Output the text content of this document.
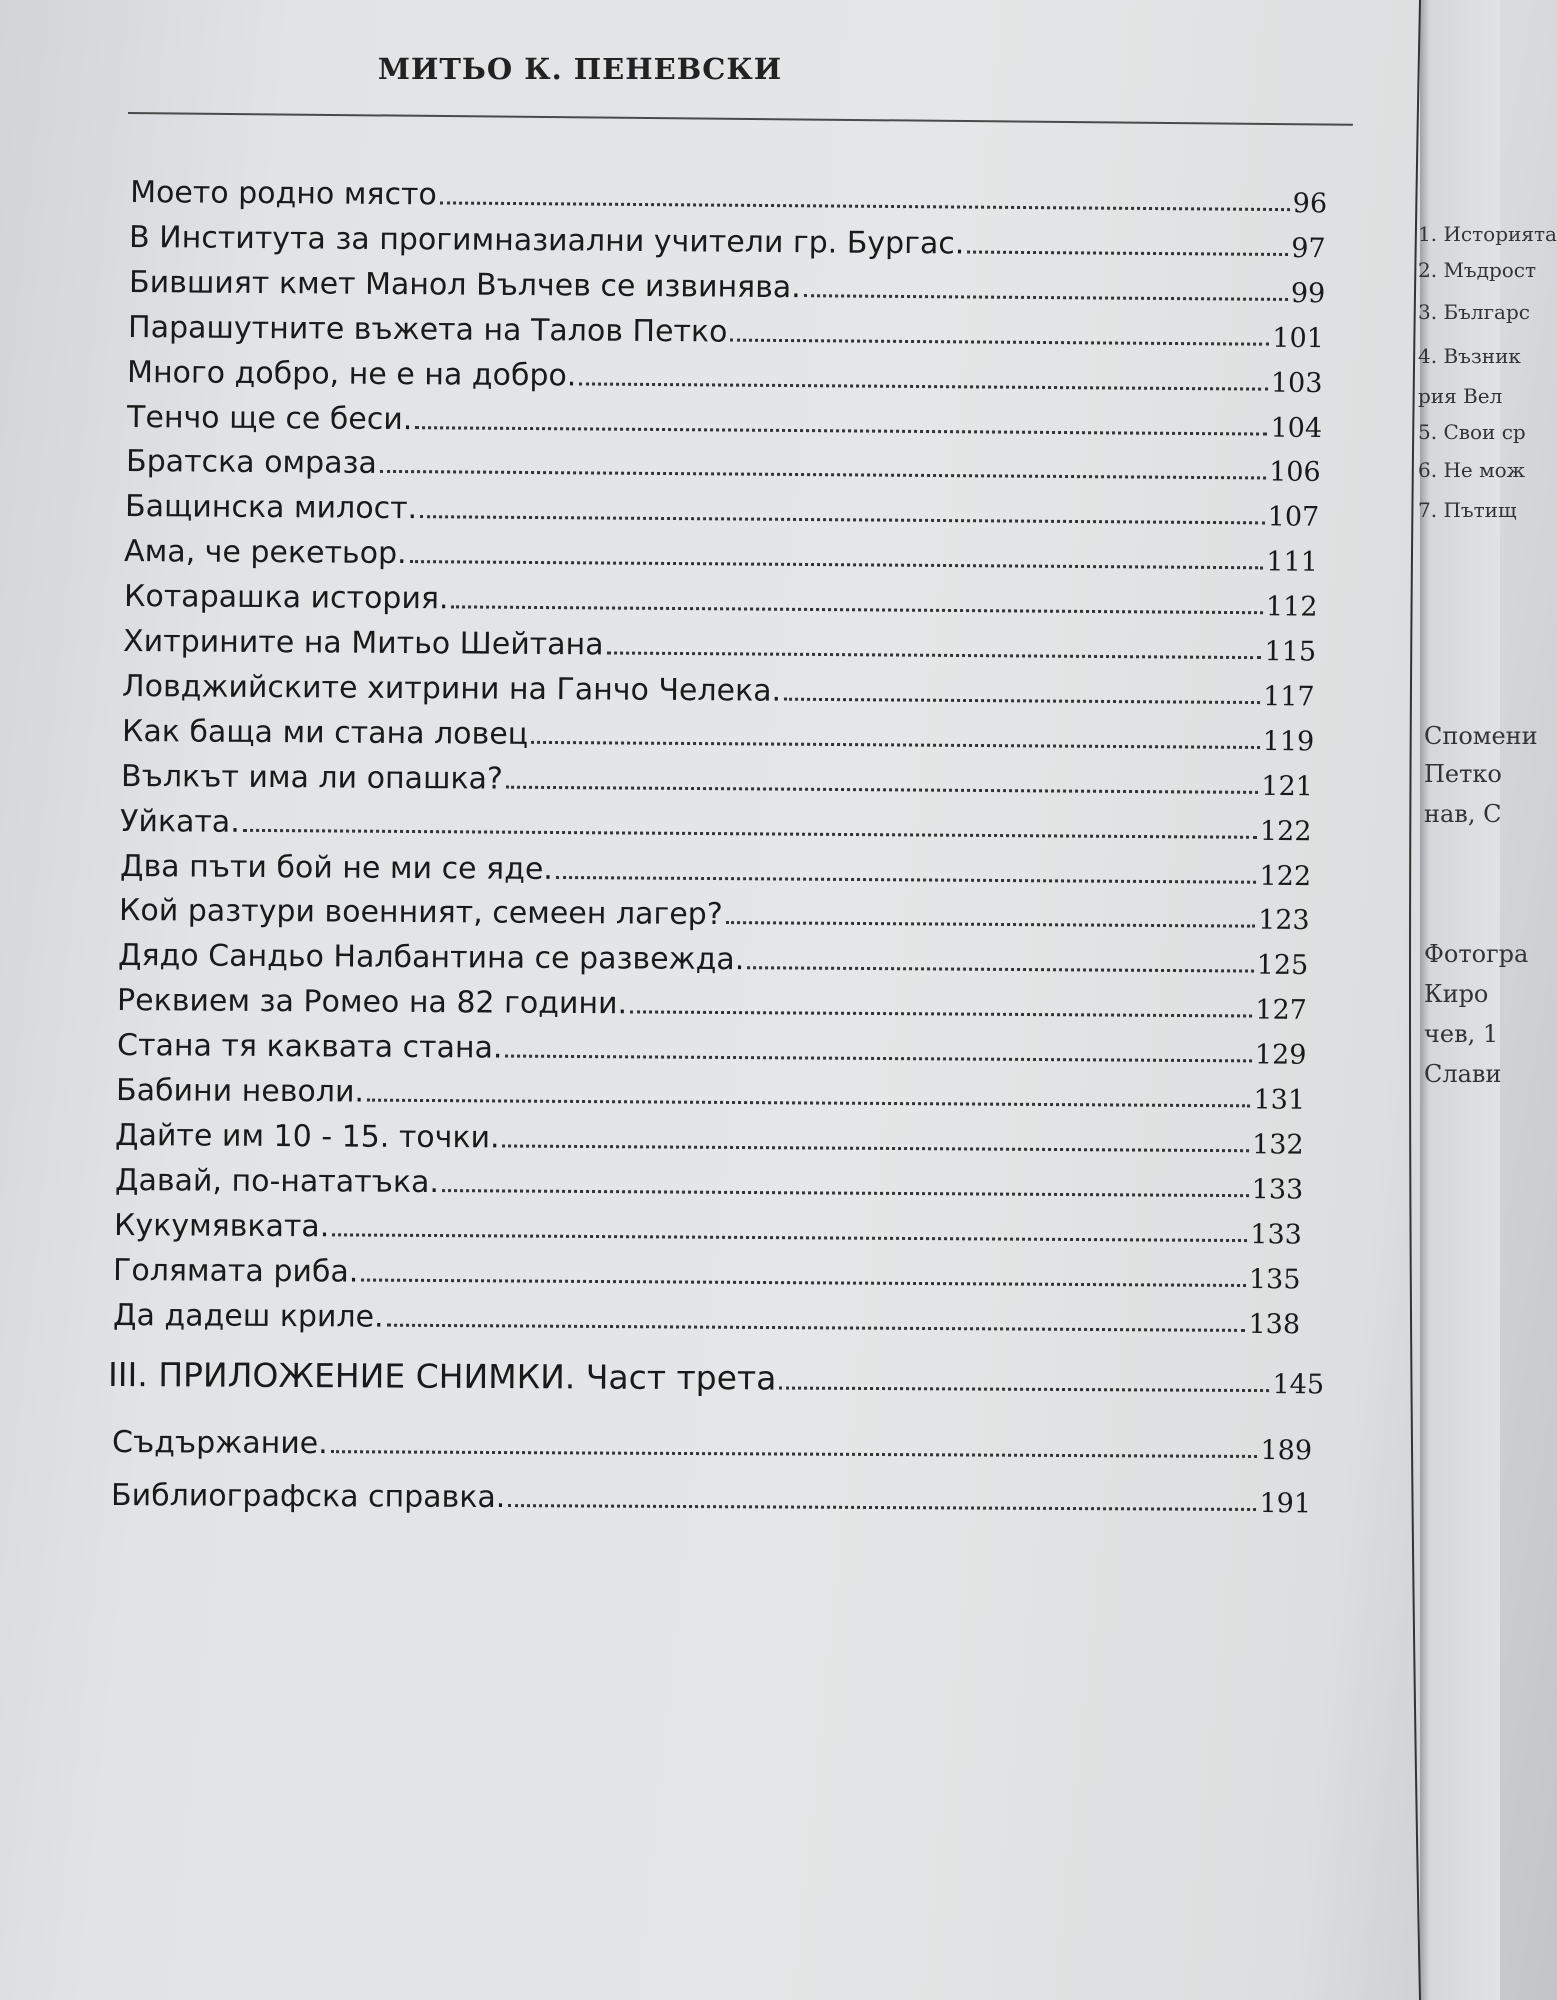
МИТЬО К. ПЕНЕВСКИ
Моето родно място	96
В Института за прогимназиални учители гр. Бургас.	97
Бившият кмет Манол Вълчев се извинява.	99
Парашутните въжета на Талов Петко	101
Много добро, не е на добро.	103
Тенчо ще се беси.	104
Братска омраза	106
Бащинска милост.	107
Ама, че рекетьор.	111
Котарашка история.	112
Хитрините на Митьо Шейтана	115
Ловджийските хитрини на Ганчо Челека.	117
Как баща ми стана ловец	119
Вълкът има ли опашка?	121
Уйката.	122
Два пъти бой не ми се яде.	122
Кой разтури военният, семеен лагер?	123
Дядо Сандьо Налбантина се развежда.	125
Реквием за Ромео на 82 години.	127
Стана тя каквата стана.	129
Бабини неволи.	131
Дайте им 10 - 15. точки.	132
Давай, по-нататъка.	133
Кукумявката.	133
Голямата риба.	135
Да дадеш криле.	138
III. ПРИЛОЖЕНИЕ СНИМКИ. Част трета	145
Съдържание.	189
Библиографска справка.	191
1. Историята
2. Мъдрост
3. Българс
4. Възник
рия Вел
5. Свои ср
6. Не мож
7. Пътищ
Спомени
Петко
нав, С
Фотогра
Киро
чев, 1
Слави
